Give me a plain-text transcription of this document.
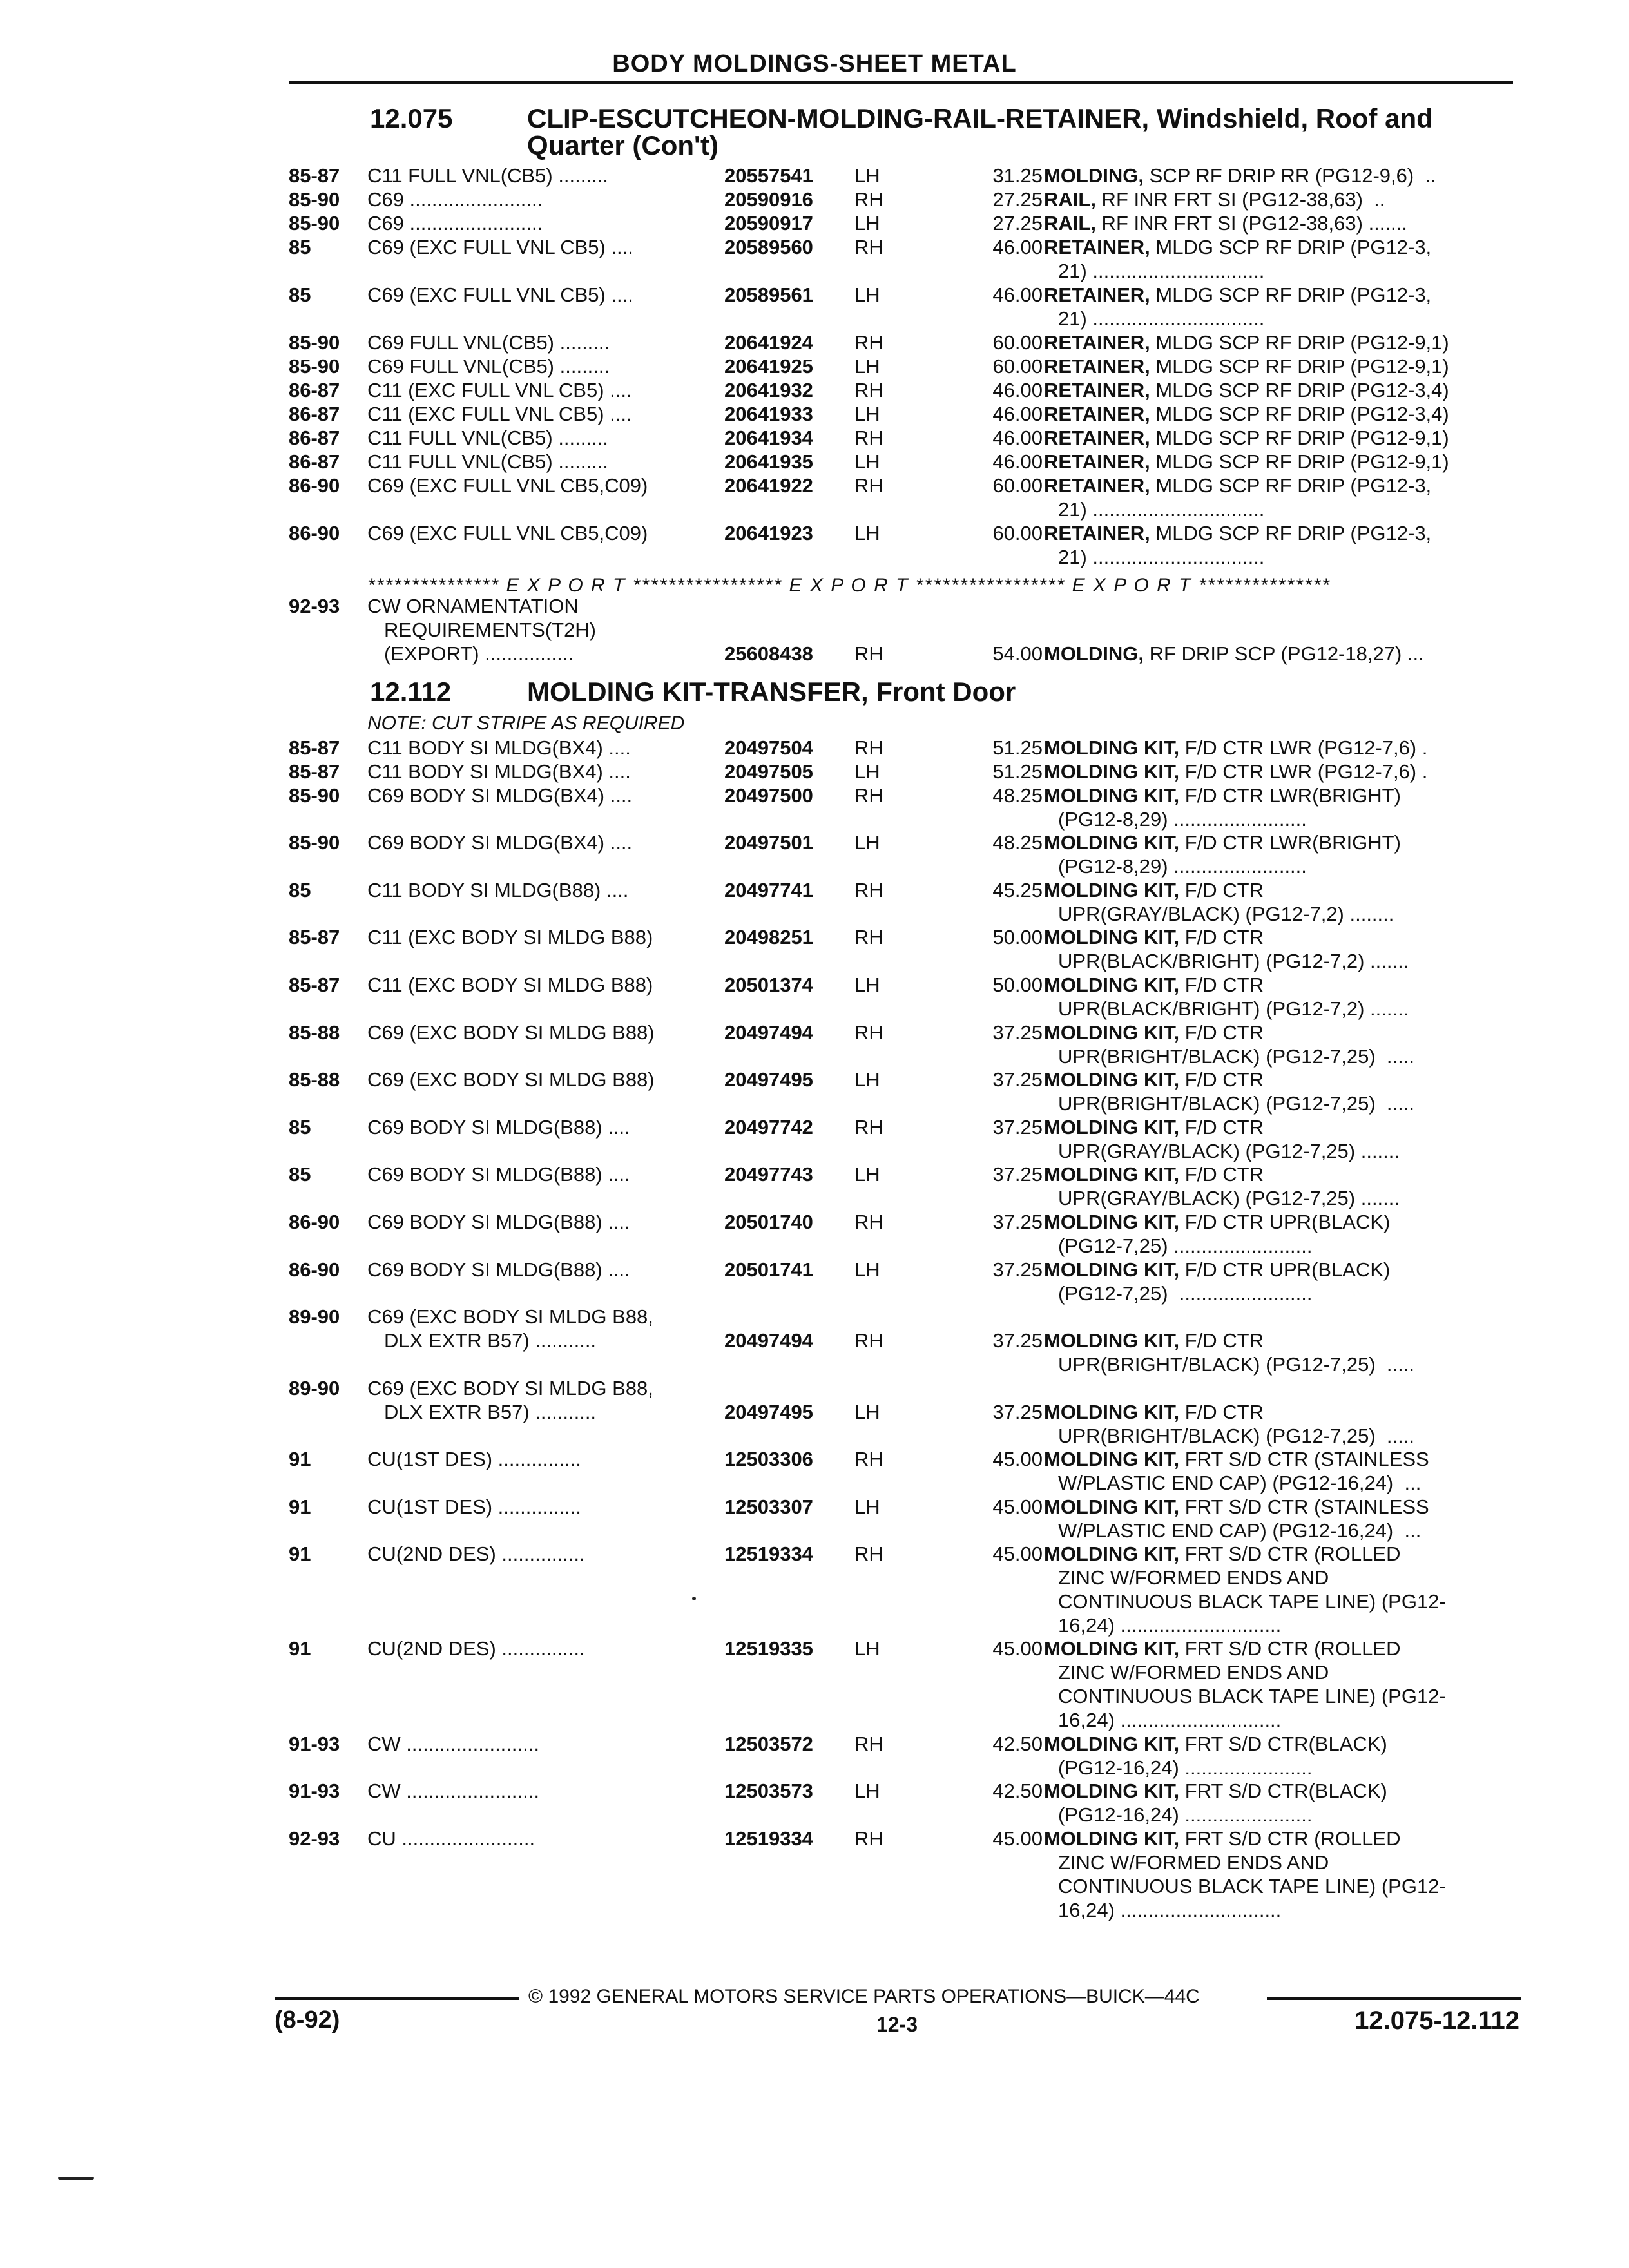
BODY MOLDINGS-SHEET METAL
12.075	CLIP-ESCUTCHEON-MOLDING-RAIL-RETAINER, Windshield, Roof and
Quarter (Con't)
85-87 C11 FULL VNL(CB5) .........	20557541 LH	31.25 MOLDING, SCP RF DRIP RR (PG12-9,6)  ..
85-90 C69 ........................	20590916 RH	27.25 RAIL, RF INR FRT SI (PG12-38,63)  ..
85-90 C69 ........................	20590917 LH	27.25 RAIL, RF INR FRT SI (PG12-38,63) .......
85	C69 (EXC FULL VNL CB5) ....	20589560 RH	46.00 RETAINER, MLDG SCP RF DRIP (PG12-3,
21) ...............................
85	C69 (EXC FULL VNL CB5) ....	20589561 LH	46.00 RETAINER, MLDG SCP RF DRIP (PG12-3,
21) ...............................
85-90 C69 FULL VNL(CB5) .........	20641924 RH	60.00 RETAINER, MLDG SCP RF DRIP (PG12-9,1)
85-90 C69 FULL VNL(CB5) .........	20641925 LH	60.00 RETAINER, MLDG SCP RF DRIP (PG12-9,1)
86-87 C11 (EXC FULL VNL CB5) ....	20641932 RH	46.00 RETAINER, MLDG SCP RF DRIP (PG12-3,4)
86-87 C11 (EXC FULL VNL CB5) ....	20641933 LH	46.00 RETAINER, MLDG SCP RF DRIP (PG12-3,4)
86-87 C11 FULL VNL(CB5) .........	20641934 RH	46.00 RETAINER, MLDG SCP RF DRIP (PG12-9,1)
86-87 C11 FULL VNL(CB5) .........	20641935 LH	46.00 RETAINER, MLDG SCP RF DRIP (PG12-9,1)
86-90 C69 (EXC FULL VNL CB5,C09)	20641922 RH	60.00 RETAINER, MLDG SCP RF DRIP (PG12-3,
21) ...............................
86-90 C69 (EXC FULL VNL CB5,C09)	20641923 LH	60.00 RETAINER, MLDG SCP RF DRIP (PG12-3,
21) ...............................
*************** E X P O R T ***************** E X P O R T ***************** E X P O R T ***************
92-93 CW ORNAMENTATION
REQUIREMENTS(T2H)
(EXPORT) ................	25608438 RH	54.00 MOLDING, RF DRIP SCP (PG12-18,27) ...
12.112	MOLDING KIT-TRANSFER, Front Door
NOTE: CUT STRIPE AS REQUIRED
85-87 C11 BODY SI MLDG(BX4) ....	20497504 RH	51.25 MOLDING KIT, F/D CTR LWR (PG12-7,6) .
85-87 C11 BODY SI MLDG(BX4) ....	20497505 LH	51.25 MOLDING KIT, F/D CTR LWR (PG12-7,6) .
85-90 C69 BODY SI MLDG(BX4) ....	20497500 RH	48.25 MOLDING KIT, F/D CTR LWR(BRIGHT)
(PG12-8,29) ........................
85-90 C69 BODY SI MLDG(BX4) ....	20497501 LH	48.25 MOLDING KIT, F/D CTR LWR(BRIGHT)
(PG12-8,29) ........................
85	C11 BODY SI MLDG(B88) ....	20497741 RH	45.25 MOLDING KIT, F/D CTR
UPR(GRAY/BLACK) (PG12-7,2) ........
85-87 C11 (EXC BODY SI MLDG B88)	20498251 RH	50.00 MOLDING KIT, F/D CTR
UPR(BLACK/BRIGHT) (PG12-7,2) .......
85-87 C11 (EXC BODY SI MLDG B88)	20501374 LH	50.00 MOLDING KIT, F/D CTR
UPR(BLACK/BRIGHT) (PG12-7,2) .......
85-88 C69 (EXC BODY SI MLDG B88)	20497494 RH	37.25 MOLDING KIT, F/D CTR
UPR(BRIGHT/BLACK) (PG12-7,25)  .....
85-88 C69 (EXC BODY SI MLDG B88)	20497495 LH	37.25 MOLDING KIT, F/D CTR
UPR(BRIGHT/BLACK) (PG12-7,25)  .....
85	C69 BODY SI MLDG(B88) ....	20497742 RH	37.25 MOLDING KIT, F/D CTR
UPR(GRAY/BLACK) (PG12-7,25) .......
85	C69 BODY SI MLDG(B88) ....	20497743 LH	37.25 MOLDING KIT, F/D CTR
UPR(GRAY/BLACK) (PG12-7,25) .......
86-90 C69 BODY SI MLDG(B88) ....	20501740 RH	37.25 MOLDING KIT, F/D CTR UPR(BLACK)
(PG12-7,25) .........................
86-90 C69 BODY SI MLDG(B88) ....	20501741 LH	37.25 MOLDING KIT, F/D CTR UPR(BLACK)
(PG12-7,25)  ........................
89-90 C69 (EXC BODY SI MLDG B88,
DLX EXTR B57) ...........	20497494 RH	37.25 MOLDING KIT, F/D CTR
UPR(BRIGHT/BLACK) (PG12-7,25)  .....
89-90 C69 (EXC BODY SI MLDG B88,
DLX EXTR B57) ...........	20497495 LH	37.25 MOLDING KIT, F/D CTR
UPR(BRIGHT/BLACK) (PG12-7,25)  .....
91	CU(1ST DES) ...............	12503306 RH	45.00 MOLDING KIT, FRT S/D CTR (STAINLESS
W/PLASTIC END CAP) (PG12-16,24)  ...
91	CU(1ST DES) ...............	12503307 LH	45.00 MOLDING KIT, FRT S/D CTR (STAINLESS
W/PLASTIC END CAP) (PG12-16,24)  ...
91	CU(2ND DES) ...............	12519334 RH	45.00 MOLDING KIT, FRT S/D CTR (ROLLED
ZINC W/FORMED ENDS AND
CONTINUOUS BLACK TAPE LINE) (PG12-
16,24) .............................
91	CU(2ND DES) ...............	12519335 LH	45.00 MOLDING KIT, FRT S/D CTR (ROLLED
ZINC W/FORMED ENDS AND
CONTINUOUS BLACK TAPE LINE) (PG12-
16,24) .............................
91-93 CW ........................	12503572 RH	42.50 MOLDING KIT, FRT S/D CTR(BLACK)
(PG12-16,24) .......................
91-93 CW ........................	12503573 LH	42.50 MOLDING KIT, FRT S/D CTR(BLACK)
(PG12-16,24) .......................
92-93 CU ........................	12519334 RH	45.00 MOLDING KIT, FRT S/D CTR (ROLLED
ZINC W/FORMED ENDS AND
CONTINUOUS BLACK TAPE LINE) (PG12-
16,24) .............................
© 1992 GENERAL MOTORS SERVICE PARTS OPERATIONS—BUICK—44C
(8-92)	12-3	12.075-12.112
